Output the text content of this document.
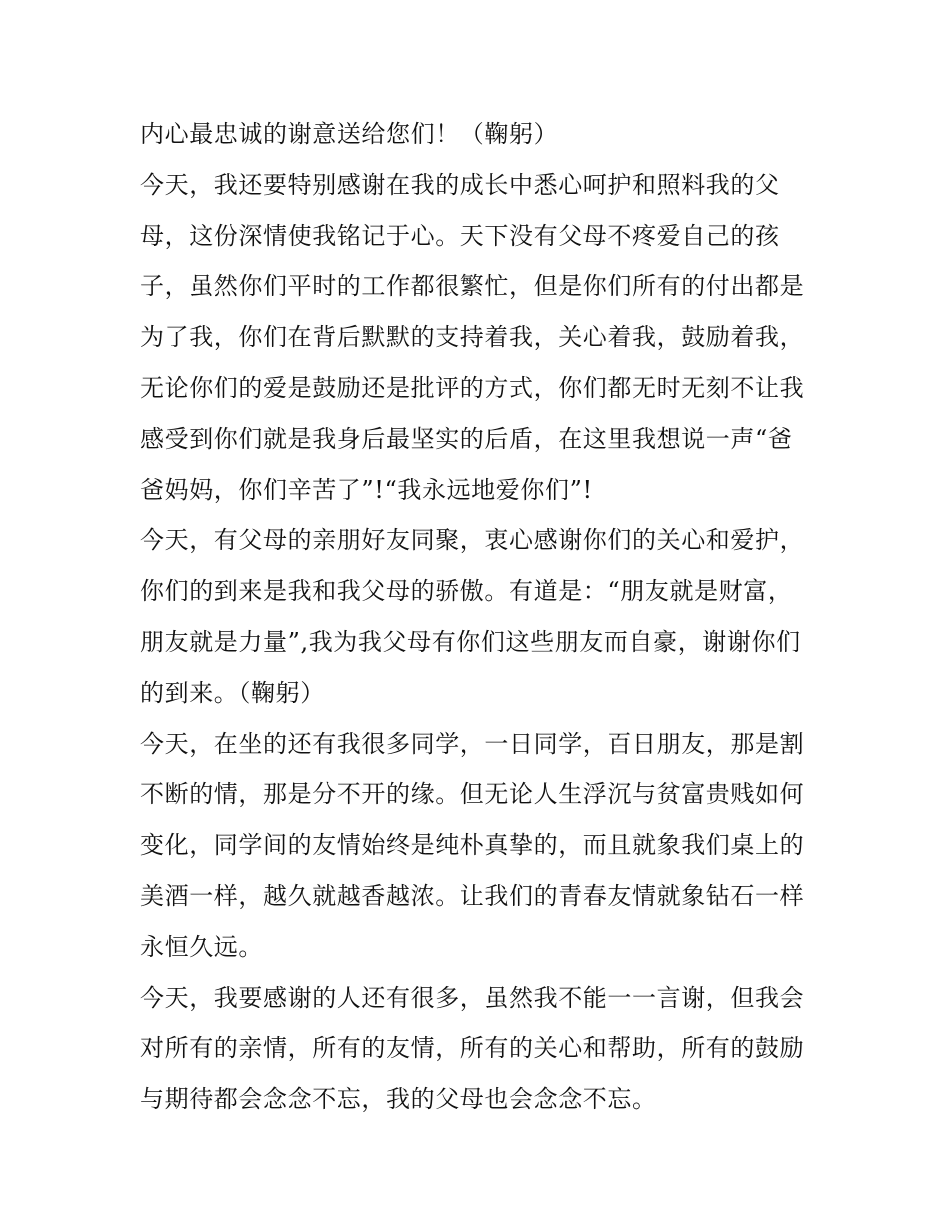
内心最忠诚的谢意送给您们！（鞠躬）
今天，我还要特别感谢在我的成长中悉心呵护和照料我的父
母，这份深情使我铭记于心。天下没有父母不疼爱自己的孩
子，虽然你们平时的工作都很繁忙，但是你们所有的付出都是
为了我，你们在背后默默的支持着我，关心着我，鼓励着我，
无论你们的爱是鼓励还是批评的方式，你们都无时无刻不让我
感受到你们就是我身后最坚实的后盾，在这里我想说一声“爸
爸妈妈，你们辛苦了”!“我永远地爱你们”!
今天，有父母的亲朋好友同聚，衷心感谢你们的关心和爱护，
你们的到来是我和我父母的骄傲。有道是：“朋友就是财富，
朋友就是力量”,我为我父母有你们这些朋友而自豪，谢谢你们
的到来。（鞠躬）
今天，在坐的还有我很多同学，一日同学，百日朋友，那是割
不断的情，那是分不开的缘。但无论人生浮沉与贫富贵贱如何
变化，同学间的友情始终是纯朴真挚的，而且就象我们桌上的
美酒一样，越久就越香越浓。让我们的青春友情就象钻石一样
永恒久远。
今天，我要感谢的人还有很多，虽然我不能一一言谢，但我会
对所有的亲情，所有的友情，所有的关心和帮助，所有的鼓励
与期待都会念念不忘，我的父母也会念念不忘。
